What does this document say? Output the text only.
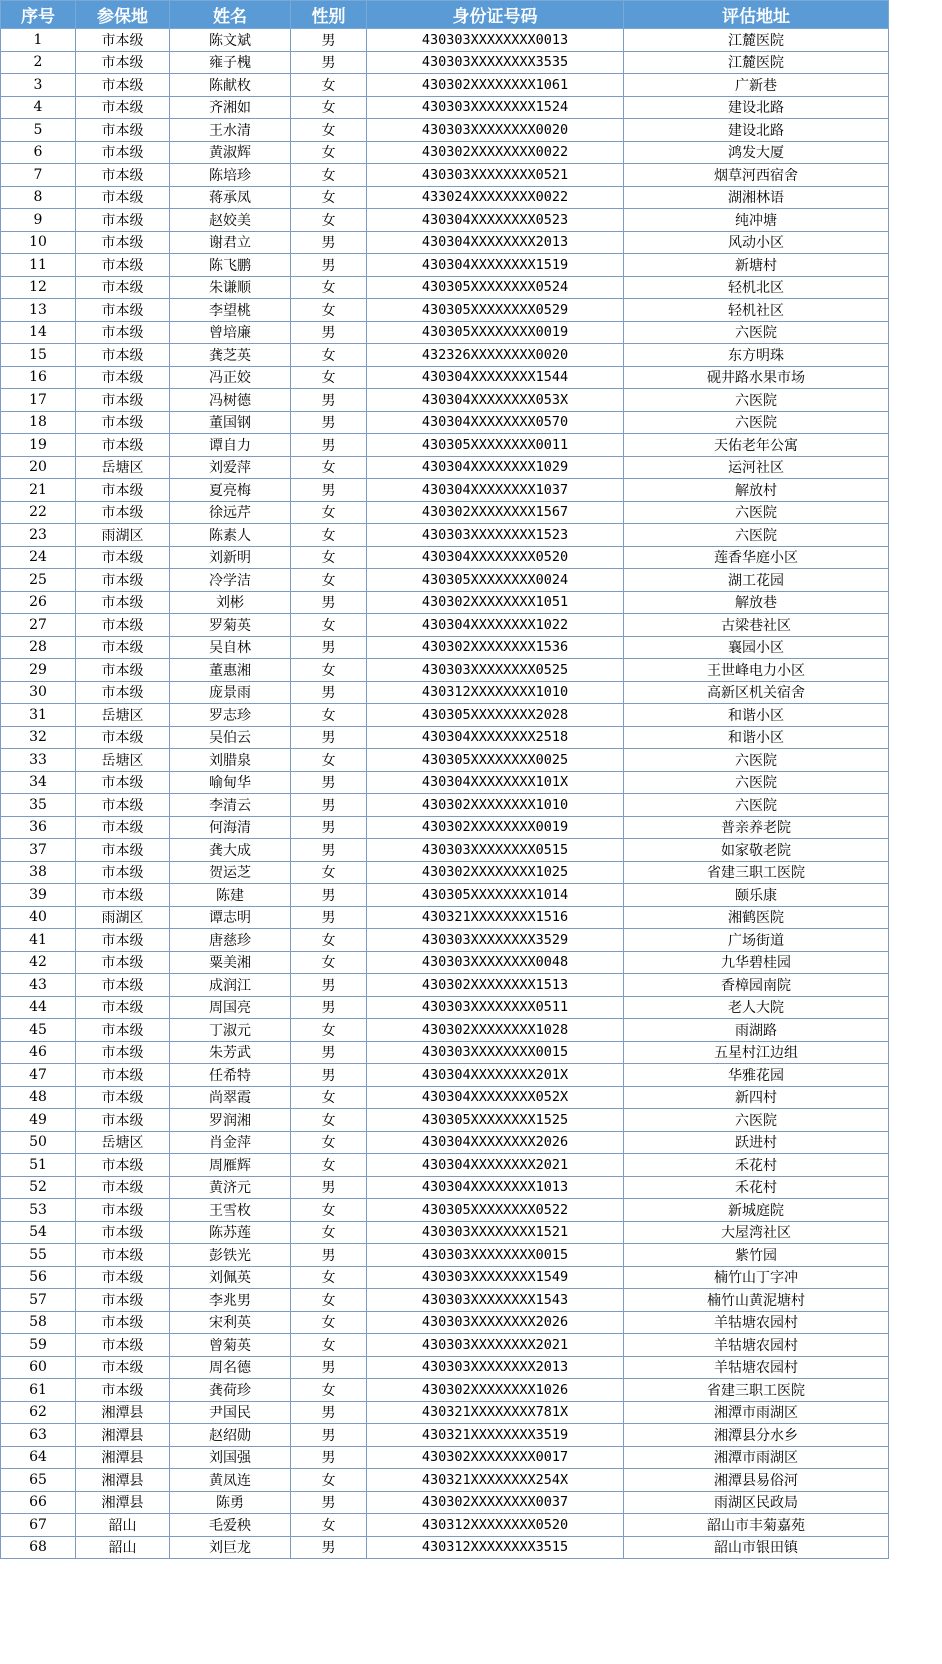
序号	参保地	姓名	性别	身份证号码	评估地址
1	市本级	陈文斌	男	430303XXXXXXXX0013	江麓医院
2	市本级	雍子槐	男	430303XXXXXXXX3535	江麓医院
3	市本级	陈献枚	女	430302XXXXXXXX1061	广新巷
4	市本级	齐湘如	女	430303XXXXXXXX1524	建设北路
5	市本级	王水清	女	430303XXXXXXXX0020	建设北路
6	市本级	黄淑辉	女	430302XXXXXXXX0022	鸿发大厦
7	市本级	陈培珍	女	430303XXXXXXXX0521	烟草河西宿舍
8	市本级	蒋承凤	女	433024XXXXXXXX0022	湖湘林语
9	市本级	赵姣美	女	430304XXXXXXXX0523	纯冲塘
10	市本级	谢君立	男	430304XXXXXXXX2013	风动小区
11	市本级	陈飞鹏	男	430304XXXXXXXX1519	新塘村
12	市本级	朱谦顺	女	430305XXXXXXXX0524	轻机北区
13	市本级	李望桃	女	430305XXXXXXXX0529	轻机社区
14	市本级	曾培廉	男	430305XXXXXXXX0019	六医院
15	市本级	龚芝英	女	432326XXXXXXXX0020	东方明珠
16	市本级	冯正姣	女	430304XXXXXXXX1544	砚井路水果市场
17	市本级	冯树德	男	430304XXXXXXXX053X	六医院
18	市本级	董国钢	男	430304XXXXXXXX0570	六医院
19	市本级	谭自力	男	430305XXXXXXXX0011	天佑老年公寓
20	岳塘区	刘爱萍	女	430304XXXXXXXX1029	运河社区
21	市本级	夏亮梅	男	430304XXXXXXXX1037	解放村
22	市本级	徐远芹	女	430302XXXXXXXX1567	六医院
23	雨湖区	陈素人	女	430303XXXXXXXX1523	六医院
24	市本级	刘新明	女	430304XXXXXXXX0520	莲香华庭小区
25	市本级	冷学洁	女	430305XXXXXXXX0024	湖工花园
26	市本级	刘彬	男	430302XXXXXXXX1051	解放巷
27	市本级	罗菊英	女	430304XXXXXXXX1022	古梁巷社区
28	市本级	吴自林	男	430302XXXXXXXX1536	襄园小区
29	市本级	董惠湘	女	430303XXXXXXXX0525	王世峰电力小区
30	市本级	庞景雨	男	430312XXXXXXXX1010	高新区机关宿舍
31	岳塘区	罗志珍	女	430305XXXXXXXX2028	和谐小区
32	市本级	吴伯云	男	430304XXXXXXXX2518	和谐小区
33	岳塘区	刘腊泉	女	430305XXXXXXXX0025	六医院
34	市本级	喻甸华	男	430304XXXXXXXX101X	六医院
35	市本级	李清云	男	430302XXXXXXXX1010	六医院
36	市本级	何海清	男	430302XXXXXXXX0019	普亲养老院
37	市本级	龚大成	男	430303XXXXXXXX0515	如家敬老院
38	市本级	贺运芝	女	430302XXXXXXXX1025	省建三职工医院
39	市本级	陈建	男	430305XXXXXXXX1014	颐乐康
40	雨湖区	谭志明	男	430321XXXXXXXX1516	湘鹤医院
41	市本级	唐慈珍	女	430303XXXXXXXX3529	广场街道
42	市本级	粟美湘	女	430303XXXXXXXX0048	九华碧桂园
43	市本级	成润江	男	430302XXXXXXXX1513	香樟园南院
44	市本级	周国亮	男	430303XXXXXXXX0511	老人大院
45	市本级	丁淑元	女	430302XXXXXXXX1028	雨湖路
46	市本级	朱芳武	男	430303XXXXXXXX0015	五星村江边组
47	市本级	任希特	男	430304XXXXXXXX201X	华雅花园
48	市本级	尚翠霞	女	430304XXXXXXXX052X	新四村
49	市本级	罗润湘	女	430305XXXXXXXX1525	六医院
50	岳塘区	肖金萍	女	430304XXXXXXXX2026	跃进村
51	市本级	周雁辉	女	430304XXXXXXXX2021	禾花村
52	市本级	黄济元	男	430304XXXXXXXX1013	禾花村
53	市本级	王雪枚	女	430305XXXXXXXX0522	新城庭院
54	市本级	陈苏莲	女	430303XXXXXXXX1521	大屋湾社区
55	市本级	彭铁光	男	430303XXXXXXXX0015	紫竹园
56	市本级	刘佩英	女	430303XXXXXXXX1549	楠竹山丁字冲
57	市本级	李兆男	女	430303XXXXXXXX1543	楠竹山黄泥塘村
58	市本级	宋利英	女	430303XXXXXXXX2026	羊牯塘农园村
59	市本级	曾菊英	女	430303XXXXXXXX2021	羊牯塘农园村
60	市本级	周名德	男	430303XXXXXXXX2013	羊牯塘农园村
61	市本级	龚荷珍	女	430302XXXXXXXX1026	省建三职工医院
62	湘潭县	尹国民	男	430321XXXXXXXX781X	湘潭市雨湖区
63	湘潭县	赵绍勋	男	430321XXXXXXXX3519	湘潭县分水乡
64	湘潭县	刘国强	男	430302XXXXXXXX0017	湘潭市雨湖区
65	湘潭县	黄凤连	女	430321XXXXXXXX254X	湘潭县易俗河
66	湘潭县	陈勇	男	430302XXXXXXXX0037	雨湖区民政局
67	韶山	毛爱秧	女	430312XXXXXXXX0520	韶山市丰菊嘉苑
68	韶山	刘巨龙	男	430312XXXXXXXX3515	韶山市银田镇
